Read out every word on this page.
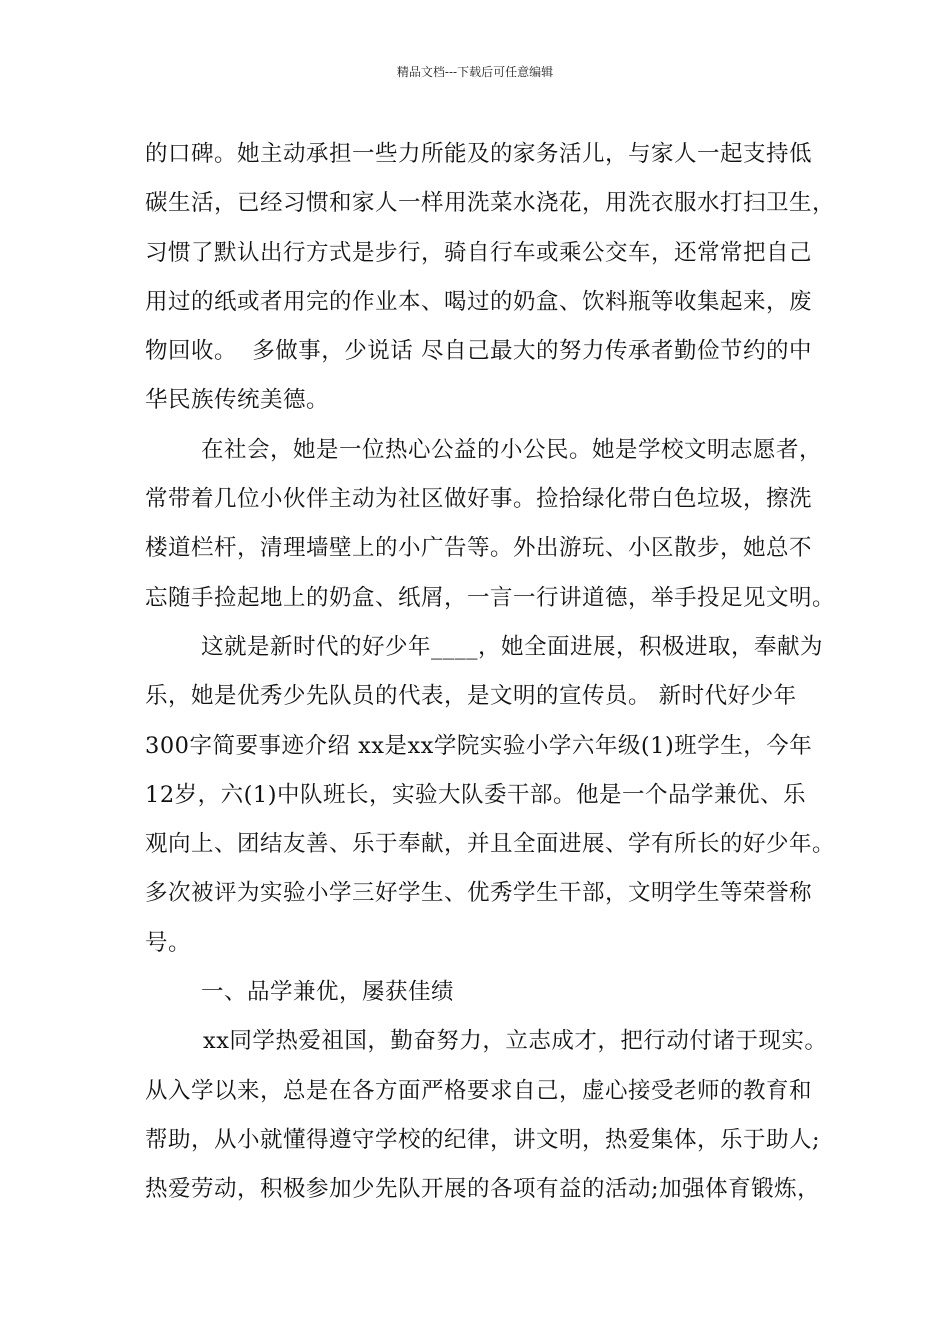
精品文档---下载后可任意编辑
的口碑。她主动承担一些力所能及的家务活儿，与家人一起支持低
碳生活，已经习惯和家人一样用洗菜水浇花，用洗衣服水打扫卫生，
习惯了默认出行方式是步行，骑自行车或乘公交车，还常常把自己
用过的纸或者用完的作业本、喝过的奶盒、饮料瓶等收集起来，废
物回收。  多做事，少说话 尽自己最大的努力传承者勤俭节约的中
华民族传统美德。
在社会，她是一位热心公益的小公民。她是学校文明志愿者，
常带着几位小伙伴主动为社区做好事。捡拾绿化带白色垃圾，擦洗
楼道栏杆，清理墙壁上的小广告等。外出游玩、小区散步，她总不
忘随手捡起地上的奶盒、纸屑，一言一行讲道德，举手投足见文明。
这就是新时代的好少年____，她全面进展，积极进取，奉献为
乐，她是优秀少先队员的代表，是文明的宣传员。 新时代好少年
300字简要事迹介绍 xx是xx学院实验小学六年级(1)班学生，今年
12岁，六(1)中队班长，实验大队委干部。他是一个品学兼优、乐
观向上、团结友善、乐于奉献，并且全面进展、学有所长的好少年。
多次被评为实验小学三好学生、优秀学生干部，文明学生等荣誉称
号。
一、品学兼优，屡获佳绩
xx同学热爱祖国，勤奋努力，立志成才，把行动付诸于现实。
从入学以来，总是在各方面严格要求自己，虚心接受老师的教育和
帮助，从小就懂得遵守学校的纪律，讲文明，热爱集体，乐于助人;
热爱劳动，积极参加少先队开展的各项有益的活动;加强体育锻炼，
